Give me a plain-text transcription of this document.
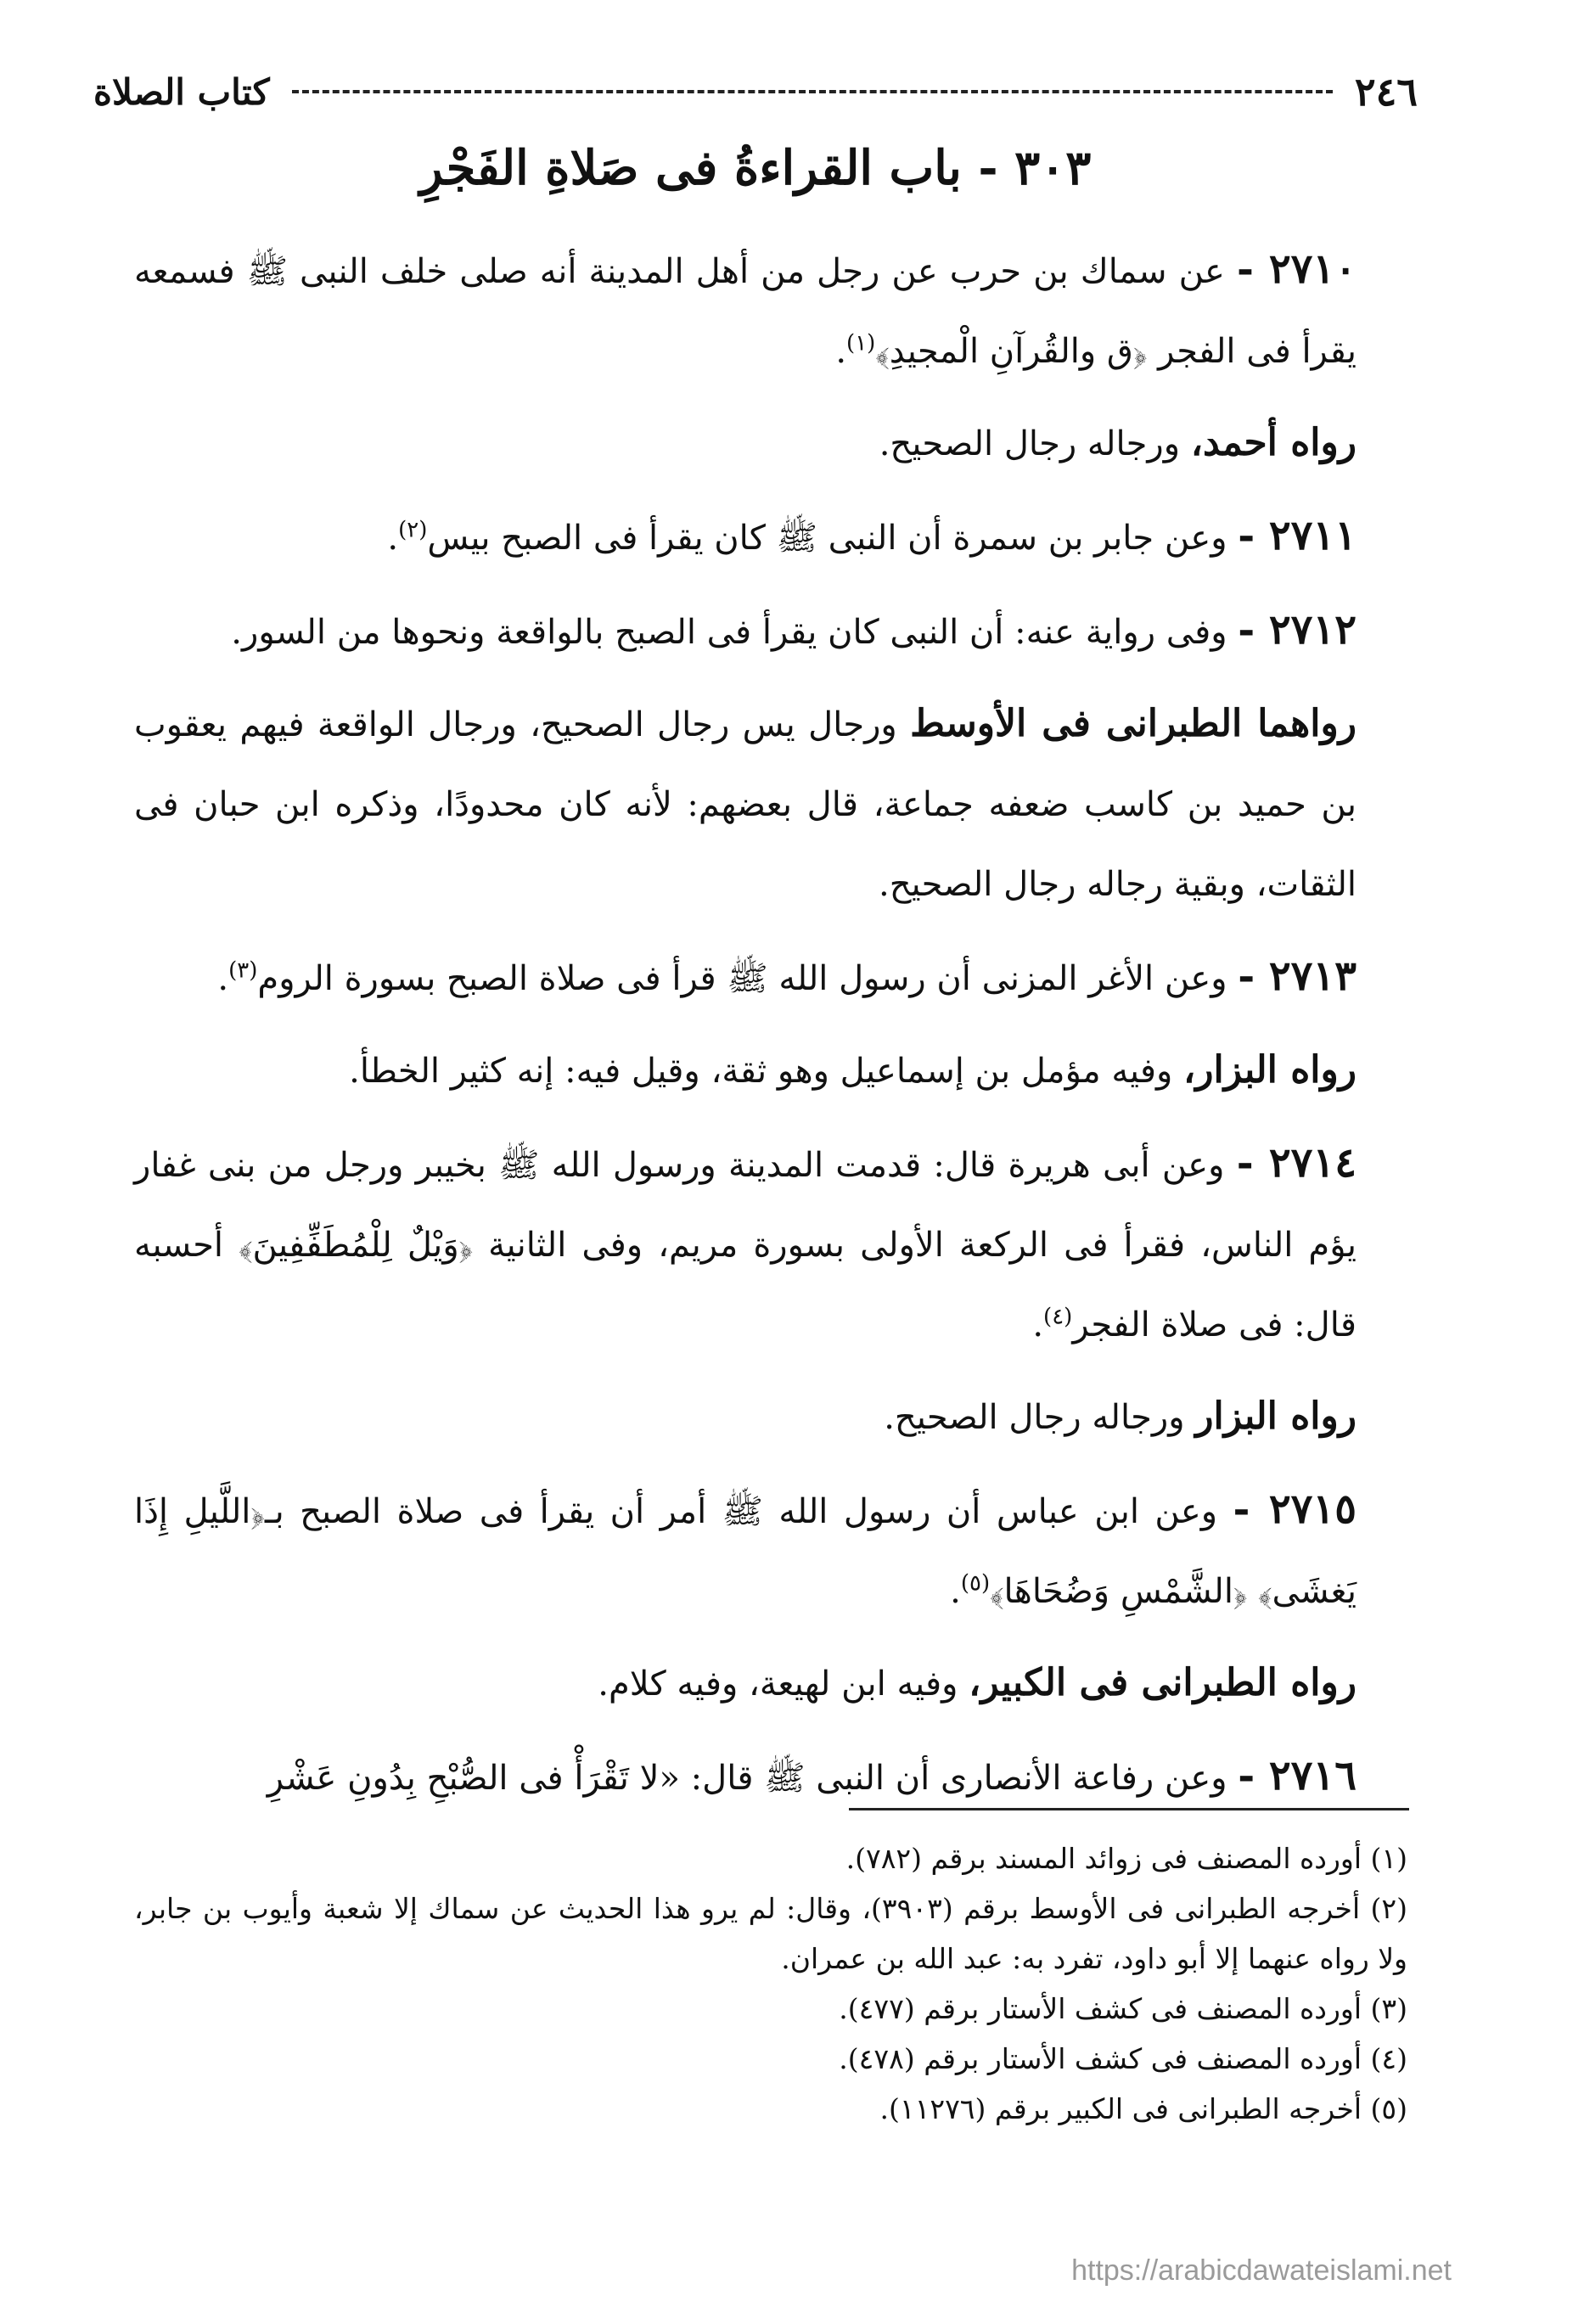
٢٤٦
كتاب الصلاة
٣٠٣ - باب القراءةُ فى صَلاةِ الفَجْرِ

٢٧١٠ - عن سماك بن حرب عن رجل من أهل المدينة أنه صلى خلف النبى ﷺ فسمعه يقرأ فى الفجر ﴿ق والقُرآنِ الْمجيدِ﴾$^{(١)}$.

رواه أحمد، ورجاله رجال الصحيح.

٢٧١١ - وعن جابر بن سمرة أن النبى ﷺ كان يقرأ فى الصبح بيس$^{(٢)}$.

٢٧١٢ - وفى رواية عنه: أن النبى كان يقرأ فى الصبح بالواقعة ونحوها من السور.

رواهما الطبرانى فى الأوسط ورجال يس رجال الصحيح، ورجال الواقعة فيهم يعقوب بن حميد بن كاسب ضعفه جماعة، قال بعضهم: لأنه كان محدودًا، وذكره ابن حبان فى الثقات، وبقية رجاله رجال الصحيح.

٢٧١٣ - وعن الأغر المزنى أن رسول الله ﷺ قرأ فى صلاة الصبح بسورة الروم$^{(٣)}$.

رواه البزار، وفيه مؤمل بن إسماعيل وهو ثقة، وقيل فيه: إنه كثير الخطأ.

٢٧١٤ - وعن أبى هريرة قال: قدمت المدينة ورسول الله ﷺ بخيبر ورجل من بنى غفار يؤم الناس، فقرأ فى الركعة الأولى بسورة مريم، وفى الثانية ﴿وَيْلٌ لِلْمُطَفِّفِينَ﴾ أحسبه قال: فى صلاة الفجر$^{(٤)}$.

رواه البزار ورجاله رجال الصحيح.

٢٧١٥ - وعن ابن عباس أن رسول الله ﷺ أمر أن يقرأ فى صلاة الصبح بـ﴿اللَّيلِ إِذَا يَغشَى﴾ ﴿الشَّمْسِ وَضُحَاهَا﴾$^{(٥)}$.

رواه الطبرانى فى الكبير، وفيه ابن لهيعة، وفيه كلام.

٢٧١٦ - وعن رفاعة الأنصارى أن النبى ﷺ قال: «لا تَقْرَأْ فى الصُّبْحِ بِدُونِ عَشْرِ

(١) أورده المصنف فى زوائد المسند برقم (٧٨٢).

(٢) أخرجه الطبرانى فى الأوسط برقم (٣٩٠٣)، وقال: لم يرو هذا الحديث عن سماك إلا شعبة وأيوب بن جابر، ولا رواه عنهما إلا أبو داود، تفرد به: عبد الله بن عمران.

(٣) أورده المصنف فى كشف الأستار برقم (٤٧٧).

(٤) أورده المصنف فى كشف الأستار برقم (٤٧٨).

(٥) أخرجه الطبرانى فى الكبير برقم (١١٢٧٦).

https://arabicdawateislami.net
